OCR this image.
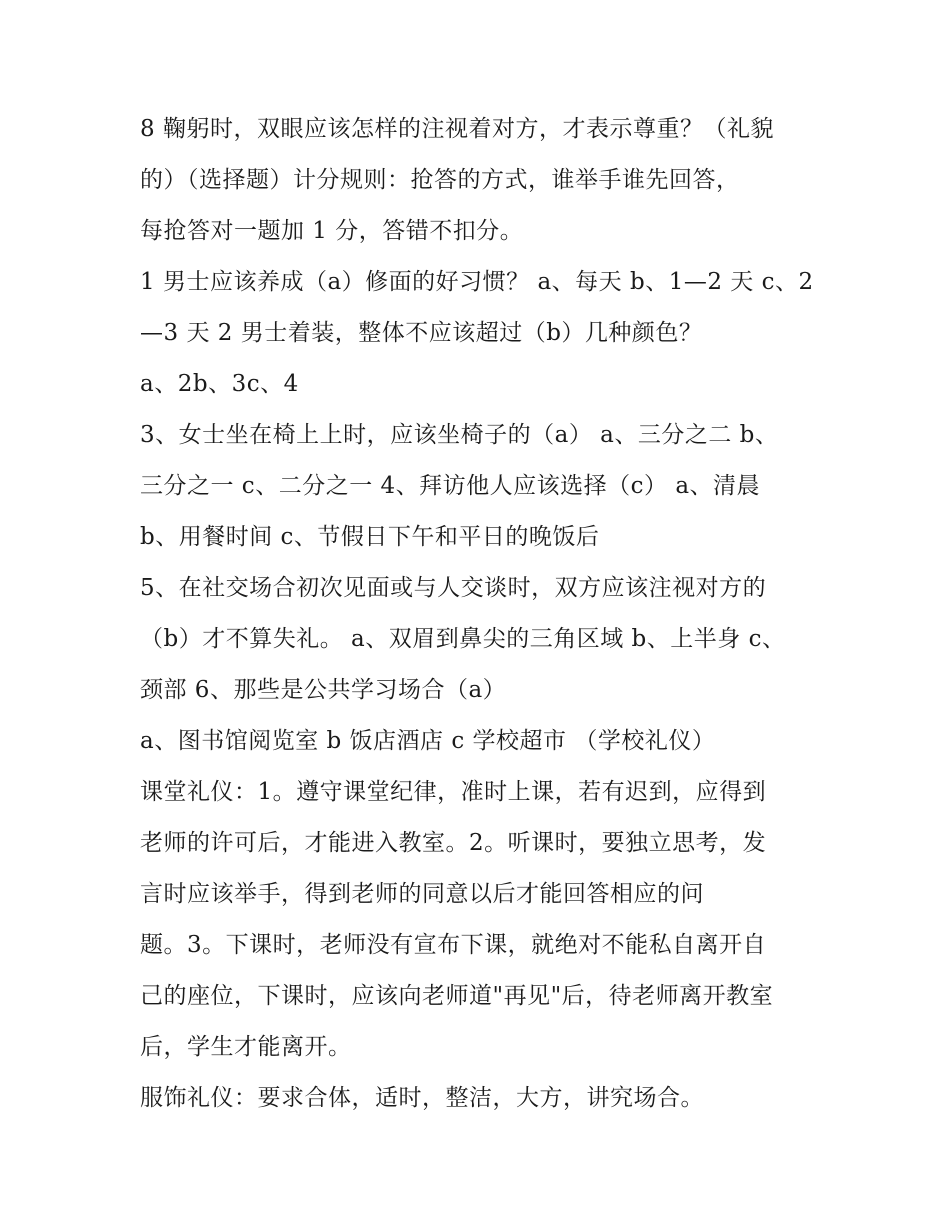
8 鞠躬时，双眼应该怎样的注视着对方，才表示尊重？（礼貌
的）（选择题）计分规则：抢答的方式，谁举手谁先回答，
每抢答对一题加 1 分，答错不扣分。
1 男士应该养成（a）修面的好习惯？ a、每天 b、1—2 天 c、2
—3 天 2 男士着装，整体不应该超过（b）几种颜色？
a、2b、3c、4
3、女士坐在椅上上时，应该坐椅子的（a） a、三分之二 b、
三分之一 c、二分之一 4、拜访他人应该选择（c） a、清晨
b、用餐时间 c、节假日下午和平日的晚饭后
5、在社交场合初次见面或与人交谈时，双方应该注视对方的
（b）才不算失礼。 a、双眉到鼻尖的三角区域 b、上半身 c、
颈部 6、那些是公共学习场合（a）
a、图书馆阅览室 b 饭店酒店 c 学校超市 （学校礼仪）
课堂礼仪：1。遵守课堂纪律，准时上课，若有迟到，应得到
老师的许可后，才能进入教室。2。听课时，要独立思考，发
言时应该举手，得到老师的同意以后才能回答相应的问
题。3。下课时，老师没有宣布下课，就绝对不能私自离开自
己的座位，下课时，应该向老师道"再见"后，待老师离开教室
后，学生才能离开。
服饰礼仪：要求合体，适时，整洁，大方，讲究场合。
